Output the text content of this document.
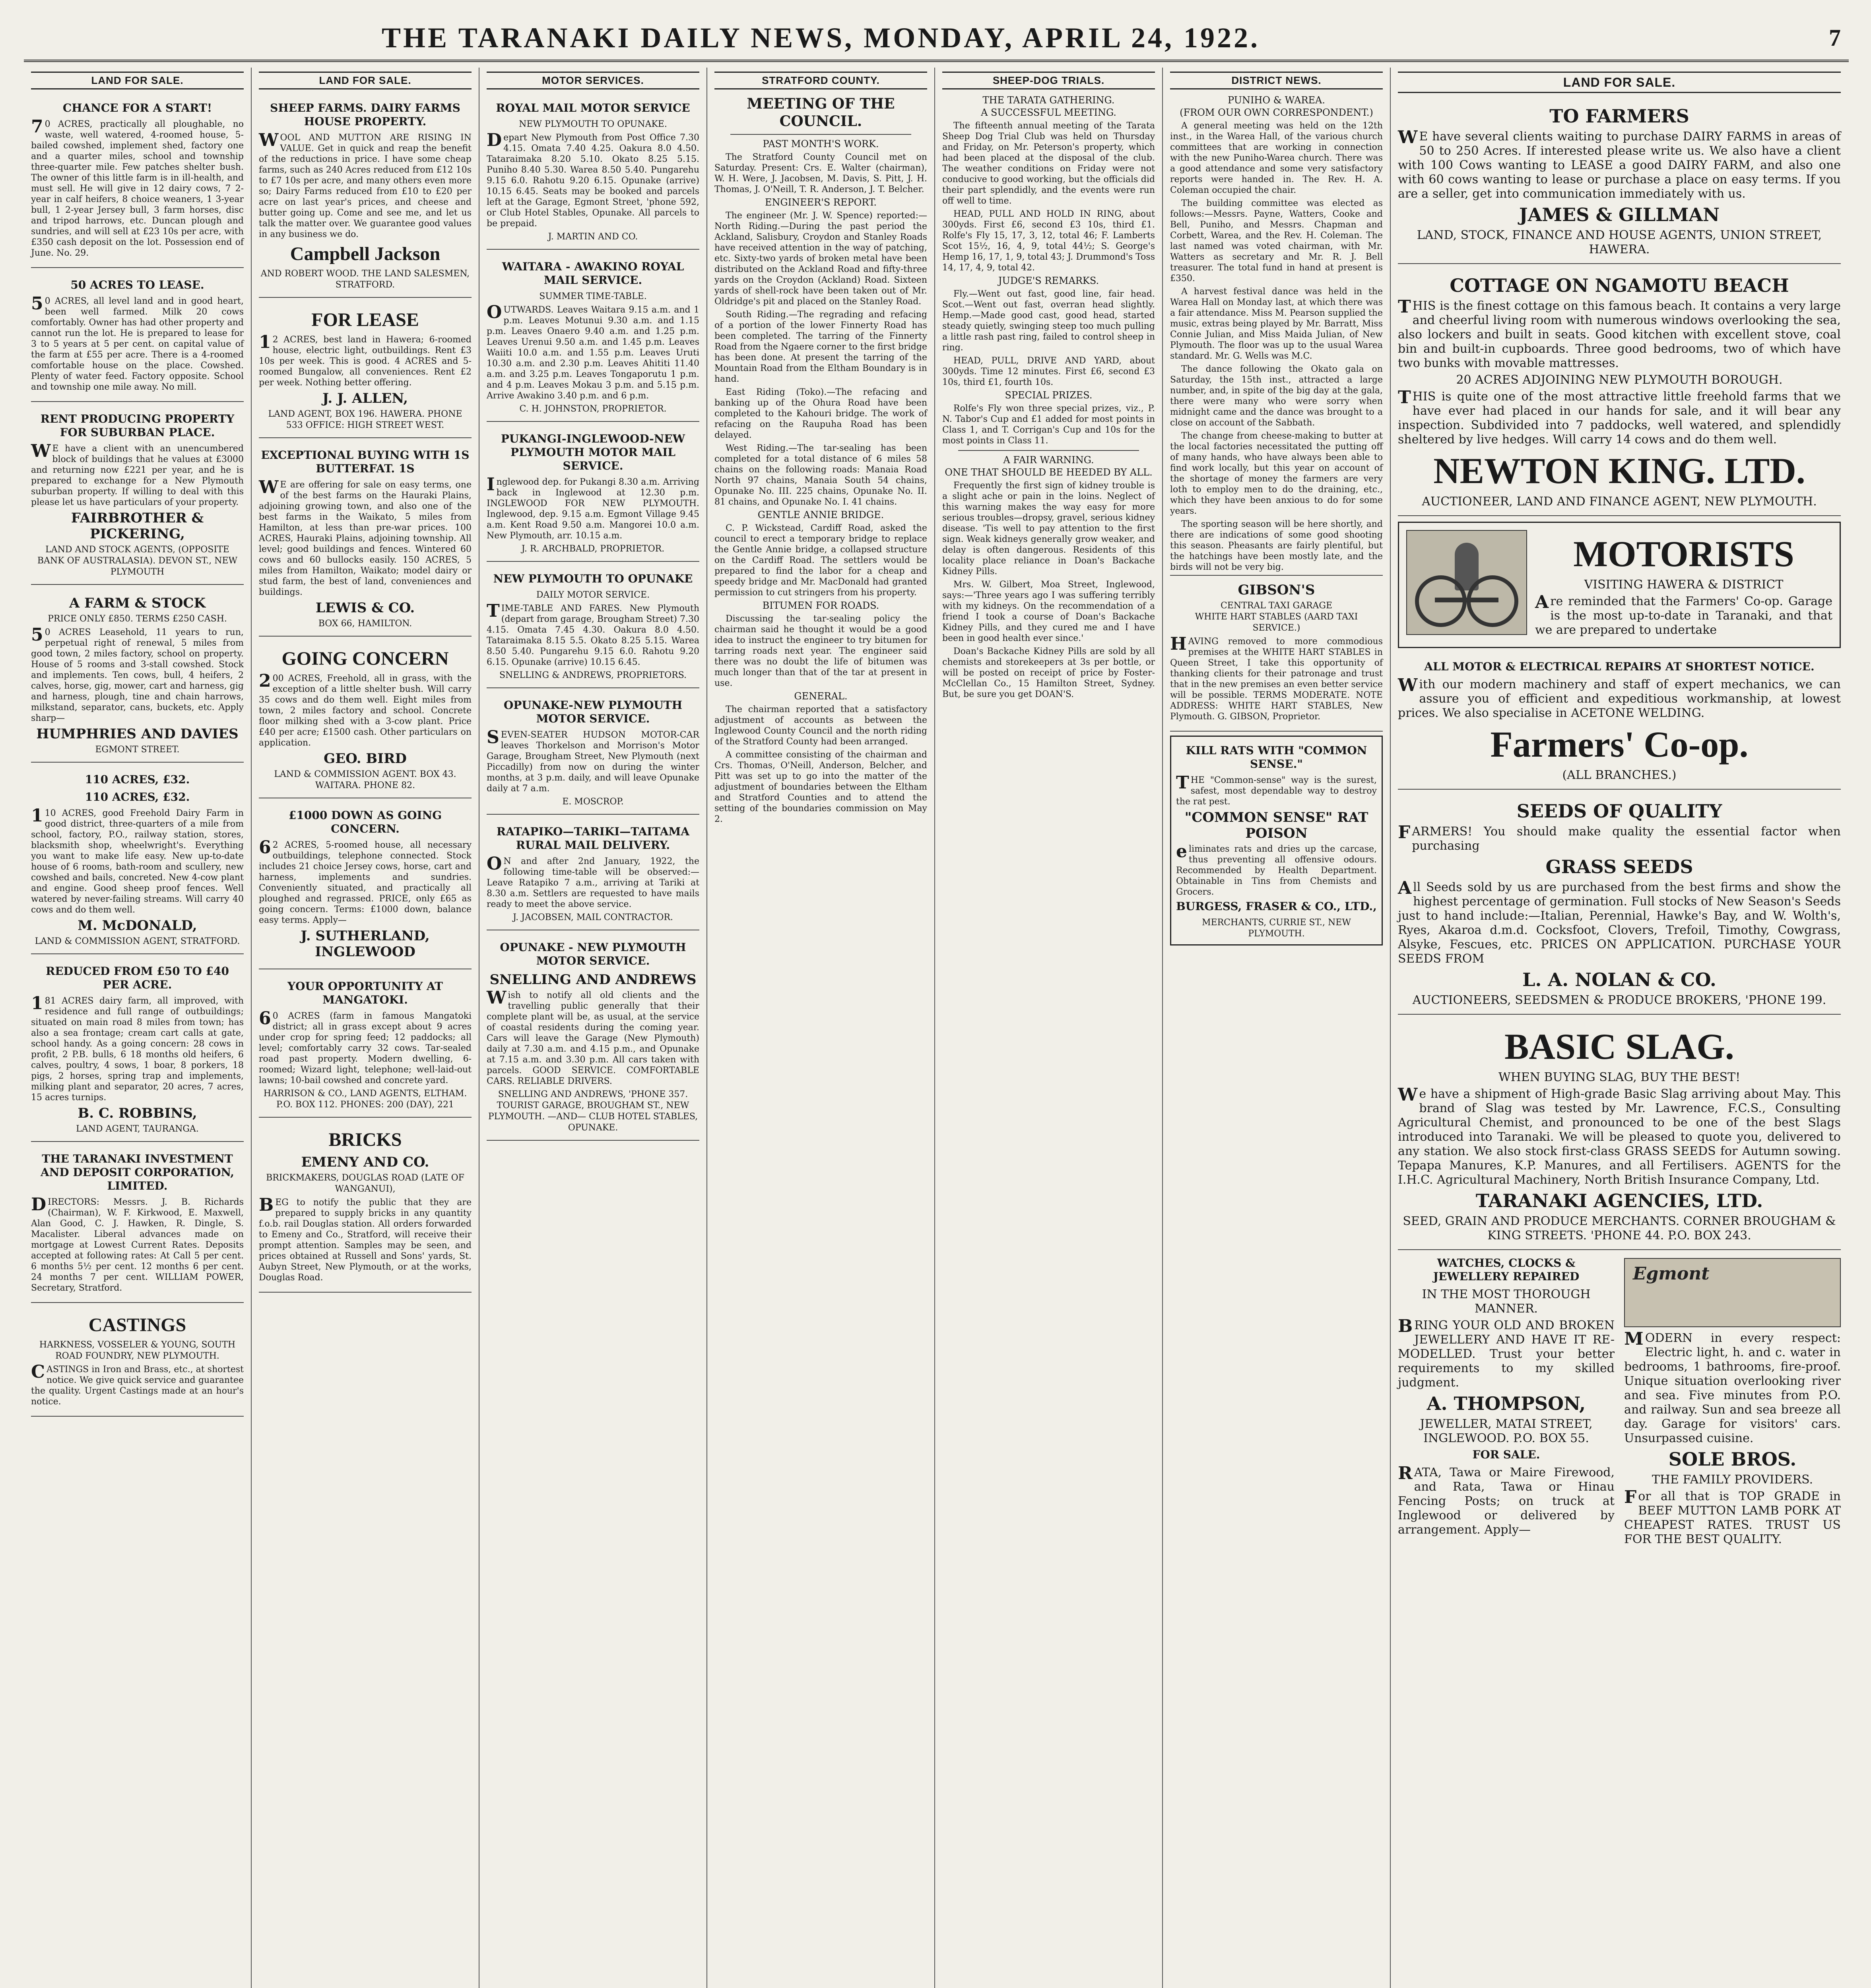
THE TARANAKI DAILY NEWS, MONDAY, APRIL 24, 1922.	7
LAND FOR SALE.
CHANCE FOR A START!
70 ACRES, practically all ploughable, no waste, well watered, 4-roomed house, 5-bailed cowshed, implement shed, factory one and a quarter miles, school and township three-quarter mile. Few patches shelter bush. The owner of this little farm is in ill-health, and must sell. He will give in 12 dairy cows, 7 2-year in calf heifers, 8 choice weaners, 1 3-year bull, 1 2-year Jersey bull, 3 farm horses, disc and tripod harrows, etc. Duncan plough and sundries, and will sell at £23 10s per acre, with £350 cash deposit on the lot. Possession end of June. No. 29.
50 ACRES TO LEASE.
50 ACRES, all level land and in good heart, been well farmed. Milk 20 cows comfortably. Owner has had other property and cannot run the lot. He is prepared to lease for 3 to 5 years at 5 per cent. on capital value of the farm at £55 per acre. There is a 4-roomed comfortable house on the place. Cowshed. Plenty of water feed. Factory opposite. School and township one mile away. No mill.
RENT PRODUCING PROPERTY FOR SUBURBAN PLACE.
WE have a client with an unencumbered block of buildings that he values at £3000 and returning now £221 per year, and he is prepared to exchange for a New Plymouth suburban property. If willing to deal with this please let us have particulars of your property.
FAIRBROTHER & PICKERING,
LAND AND STOCK AGENTS, (OPPOSITE BANK OF AUSTRALASIA). DEVON ST., NEW PLYMOUTH
A FARM & STOCK
PRICE ONLY £850. TERMS £250 CASH.
50 ACRES Leasehold, 11 years to run, perpetual right of renewal, 5 miles from good town, 2 miles factory, school on property. House of 5 rooms and 3-stall cowshed. Stock and implements. Ten cows, bull, 4 heifers, 2 calves, horse, gig, mower, cart and harness, gig and harness, plough, tine and chain harrows, milkstand, separator, cans, buckets, etc. Apply sharp—
HUMPHRIES AND DAVIES
EGMONT STREET.
110 ACRES, £32.
110 ACRES, £32.
110 ACRES, good Freehold Dairy Farm in good district, three-quarters of a mile from school, factory, P.O., railway station, stores, blacksmith shop, wheelwright's. Everything you want to make life easy. New up-to-date house of 6 rooms, bath-room and scullery, new cowshed and bails, concreted. New 4-cow plant and engine. Good sheep proof fences. Well watered by never-failing streams. Will carry 40 cows and do them well.
M. McDONALD,
LAND & COMMISSION AGENT, STRATFORD.
REDUCED FROM £50 TO £40 PER ACRE.
181 ACRES dairy farm, all improved, with residence and full range of outbuildings; situated on main road 8 miles from town; has also a sea frontage; cream cart calls at gate, school handy. As a going concern: 28 cows in profit, 2 P.B. bulls, 6 18 months old heifers, 6 calves, poultry, 4 sows, 1 boar, 8 porkers, 18 pigs, 2 horses, spring trap and implements, milking plant and separator, 20 acres, 7 acres, 15 acres turnips.
B. C. ROBBINS,
LAND AGENT, TAURANGA.
THE TARANAKI INVESTMENT AND DEPOSIT CORPORATION, LIMITED.
DIRECTORS: Messrs. J. B. Richards (Chairman), W. F. Kirkwood, E. Maxwell, Alan Good, C. J. Hawken, R. Dingle, S. Macalister. Liberal advances made on mortgage at Lowest Current Rates. Deposits accepted at following rates: At Call 5 per cent. 6 months 5½ per cent. 12 months 6 per cent. 24 months 7 per cent. WILLIAM POWER, Secretary, Stratford.
CASTINGS
HARKNESS, VOSSELER & YOUNG, SOUTH ROAD FOUNDRY, NEW PLYMOUTH.
CASTINGS in Iron and Brass, etc., at shortest notice. We give quick service and guarantee the quality. Urgent Castings made at an hour's notice.
LAND FOR SALE.
SHEEP FARMS. DAIRY FARMS HOUSE PROPERTY.
WOOL AND MUTTON ARE RISING IN VALUE. Get in quick and reap the benefit of the reductions in price. I have some cheap farms, such as 240 Acres reduced from £12 10s to £7 10s per acre, and many others even more so; Dairy Farms reduced from £10 to £20 per acre on last year's prices, and cheese and butter going up. Come and see me, and let us talk the matter over. We guarantee good values in any business we do.
Campbell Jackson
AND ROBERT WOOD. THE LAND SALESMEN, STRATFORD.
FOR LEASE
12 ACRES, best land in Hawera; 6-roomed house, electric light, outbuildings. Rent £3 10s per week. This is good. 4 ACRES and 5-roomed Bungalow, all conveniences. Rent £2 per week. Nothing better offering.
J. J. ALLEN,
LAND AGENT, BOX 196. HAWERA. PHONE 533 OFFICE: HIGH STREET WEST.
EXCEPTIONAL BUYING WITH 1S BUTTERFAT. 1S
WE are offering for sale on easy terms, one of the best farms on the Hauraki Plains, adjoining growing town, and also one of the best farms in the Waikato, 5 miles from Hamilton, at less than pre-war prices. 100 ACRES, Hauraki Plains, adjoining township. All level; good buildings and fences. Wintered 60 cows and 60 bullocks easily. 150 ACRES, 5 miles from Hamilton, Waikato; model dairy or stud farm, the best of land, conveniences and buildings.
LEWIS & CO.
BOX 66, HAMILTON.
GOING CONCERN
200 ACRES, Freehold, all in grass, with the exception of a little shelter bush. Will carry 35 cows and do them well. Eight miles from town, 2 miles factory and school. Concrete floor milking shed with a 3-cow plant. Price £40 per acre; £1500 cash. Other particulars on application.
GEO. BIRD
LAND & COMMISSION AGENT. BOX 43. WAITARA. PHONE 82.
£1000 DOWN AS GOING CONCERN.
62 ACRES, 5-roomed house, all necessary outbuildings, telephone connected. Stock includes 21 choice Jersey cows, horse, cart and harness, implements and sundries. Conveniently situated, and practically all ploughed and regrassed. PRICE, only £65 as going concern. Terms: £1000 down, balance easy terms. Apply—
J. SUTHERLAND, INGLEWOOD
YOUR OPPORTUNITY AT MANGATOKI.
60 ACRES (farm in famous Mangatoki district; all in grass except about 9 acres under crop for spring feed; 12 paddocks; all level; comfortably carry 32 cows. Tar-sealed road past property. Modern dwelling, 6-roomed; Wizard light, telephone; well-laid-out lawns; 10-bail cowshed and concrete yard.
HARRISON & CO., LAND AGENTS, ELTHAM. P.O. BOX 112. PHONES: 200 (DAY), 221
BRICKS
EMENY AND CO.
BRICKMAKERS, DOUGLAS ROAD (LATE OF WANGANUI),
BEG to notify the public that they are prepared to supply bricks in any quantity f.o.b. rail Douglas station. All orders forwarded to Emeny and Co., Stratford, will receive their prompt attention. Samples may be seen, and prices obtained at Russell and Sons' yards, St. Aubyn Street, New Plymouth, or at the works, Douglas Road.
MOTOR SERVICES.
ROYAL MAIL MOTOR SERVICE
NEW PLYMOUTH TO OPUNAKE.
Depart New Plymouth from Post Office 7.30 4.15. Omata 7.40 4.25. Oakura 8.0 4.50. Tataraimaka 8.20 5.10. Okato 8.25 5.15. Puniho 8.40 5.30. Warea 8.50 5.40. Pungarehu 9.15 6.0. Rahotu 9.20 6.15. Opunake (arrive) 10.15 6.45. Seats may be booked and parcels left at the Garage, Egmont Street, 'phone 592, or Club Hotel Stables, Opunake. All parcels to be prepaid.
J. MARTIN AND CO.
WAITARA - AWAKINO ROYAL MAIL SERVICE.
SUMMER TIME-TABLE.
OUTWARDS. Leaves Waitara 9.15 a.m. and 1 p.m. Leaves Motunui 9.30 a.m. and 1.15 p.m. Leaves Onaero 9.40 a.m. and 1.25 p.m. Leaves Urenui 9.50 a.m. and 1.45 p.m. Leaves Waiiti 10.0 a.m. and 1.55 p.m. Leaves Uruti 10.30 a.m. and 2.30 p.m. Leaves Ahititi 11.40 a.m. and 3.25 p.m. Leaves Tongaporutu 1 p.m. and 4 p.m. Leaves Mokau 3 p.m. and 5.15 p.m. Arrive Awakino 3.40 p.m. and 6 p.m.
C. H. JOHNSTON, PROPRIETOR.
PUKANGI-INGLEWOOD-NEW PLYMOUTH MOTOR MAIL SERVICE.
Inglewood dep. for Pukangi 8.30 a.m. Arriving back in Inglewood at 12.30 p.m. INGLEWOOD FOR NEW PLYMOUTH. Inglewood, dep. 9.15 a.m. Egmont Village 9.45 a.m. Kent Road 9.50 a.m. Mangorei 10.0 a.m. New Plymouth, arr. 10.15 a.m.
J. R. ARCHBALD, PROPRIETOR.
NEW PLYMOUTH TO OPUNAKE
DAILY MOTOR SERVICE.
TIME-TABLE AND FARES. New Plymouth (depart from garage, Brougham Street) 7.30 4.15. Omata 7.45 4.30. Oakura 8.0 4.50. Tataraimaka 8.15 5.5. Okato 8.25 5.15. Warea 8.50 5.40. Pungarehu 9.15 6.0. Rahotu 9.20 6.15. Opunake (arrive) 10.15 6.45.
SNELLING & ANDREWS, PROPRIETORS.
OPUNAKE-NEW PLYMOUTH MOTOR SERVICE.
SEVEN-SEATER HUDSON MOTOR-CAR leaves Thorkelson and Morrison's Motor Garage, Brougham Street, New Plymouth (next Piccadilly) from now on during the winter months, at 3 p.m. daily, and will leave Opunake daily at 7 a.m.
E. MOSCROP.
RATAPIKO—TARIKI—TAITAMA RURAL MAIL DELIVERY.
ON and after 2nd January, 1922, the following time-table will be observed:— Leave Ratapiko 7 a.m., arriving at Tariki at 8.30 a.m. Settlers are requested to have mails ready to meet the above service.
J. JACOBSEN, MAIL CONTRACTOR.
OPUNAKE - NEW PLYMOUTH MOTOR SERVICE.
SNELLING AND ANDREWS
Wish to notify all old clients and the travelling public generally that their complete plant will be, as usual, at the service of coastal residents during the coming year. Cars will leave the Garage (New Plymouth) daily at 7.30 a.m. and 4.15 p.m., and Opunake at 7.15 a.m. and 3.30 p.m. All cars taken with parcels. GOOD SERVICE. COMFORTABLE CARS. RELIABLE DRIVERS.
SNELLING AND ANDREWS, 'PHONE 357. TOURIST GARAGE, BROUGHAM ST., NEW PLYMOUTH. —AND— CLUB HOTEL STABLES, OPUNAKE.
STRATFORD COUNTY.
MEETING OF THE COUNCIL.
PAST MONTH'S WORK.
The Stratford County Council met on Saturday. Present: Crs. E. Walter (chairman), W. H. Were, J. Jacobsen, M. Davis, S. Pitt, J. H. Thomas, J. O'Neill, T. R. Anderson, J. T. Belcher.
ENGINEER'S REPORT.
The engineer (Mr. J. W. Spence) reported:— North Riding.—During the past period the Ackland, Salisbury, Croydon and Stanley Roads have received attention in the way of patching, etc. Sixty-two yards of broken metal have been distributed on the Ackland Road and fifty-three yards on the Croydon (Ackland) Road. Sixteen yards of shell-rock have been taken out of Mr. Oldridge's pit and placed on the Stanley Road.
South Riding.—The regrading and refacing of a portion of the lower Finnerty Road has been completed. The tarring of the Finnerty Road from the Ngaere corner to the first bridge has been done. At present the tarring of the Mountain Road from the Eltham Boundary is in hand.
East Riding (Toko).—The refacing and banking up of the Ohura Road have been completed to the Kahouri bridge. The work of refacing on the Raupuha Road has been delayed.
West Riding.—The tar-sealing has been completed for a total distance of 6 miles 58 chains on the following roads: Manaia Road North 97 chains, Manaia South 54 chains, Opunake No. III. 225 chains, Opunake No. II. 81 chains, and Opunake No. I. 41 chains.
GENTLE ANNIE BRIDGE.
C. P. Wickstead, Cardiff Road, asked the council to erect a temporary bridge to replace the Gentle Annie bridge, a collapsed structure on the Cardiff Road. The settlers would be prepared to find the labor for a cheap and speedy bridge and Mr. MacDonald had granted permission to cut stringers from his property.
BITUMEN FOR ROADS.
Discussing the tar-sealing policy the chairman said he thought it would be a good idea to instruct the engineer to try bitumen for tarring roads next year. The engineer said there was no doubt the life of bitumen was much longer than that of the tar at present in use.
GENERAL.
The chairman reported that a satisfactory adjustment of accounts as between the Inglewood County Council and the north riding of the Stratford County had been arranged.
A committee consisting of the chairman and Crs. Thomas, O'Neill, Anderson, Belcher, and Pitt was set up to go into the matter of the adjustment of boundaries between the Eltham and Stratford Counties and to attend the setting of the boundaries commission on May 2.
SHEEP-DOG TRIALS.
THE TARATA GATHERING.
A SUCCESSFUL MEETING.
The fifteenth annual meeting of the Tarata Sheep Dog Trial Club was held on Thursday and Friday, on Mr. Peterson's property, which had been placed at the disposal of the club. The weather conditions on Friday were not conducive to good working, but the officials did their part splendidly, and the events were run off well to time.
HEAD, PULL AND HOLD IN RING, about 300yds. First £6, second £3 10s, third £1. Rolfe's Fly 15, 17, 3, 12, total 46; F. Lamberts Scot 15½, 16, 4, 9, total 44½; S. George's Hemp 16, 17, 1, 9, total 43; J. Drummond's Toss 14, 17, 4, 9, total 42.
JUDGE'S REMARKS.
Fly.—Went out fast, good line, fair head. Scot.—Went out fast, overran head slightly. Hemp.—Made good cast, good head, started steady quietly, swinging steep too much pulling a little rash past ring, failed to control sheep in ring.
HEAD, PULL, DRIVE AND YARD, about 300yds. Time 12 minutes. First £6, second £3 10s, third £1, fourth 10s.
SPECIAL PRIZES.
Rolfe's Fly won three special prizes, viz., P. N. Tabor's Cup and £1 added for most points in Class 1, and T. Corrigan's Cup and 10s for the most points in Class 11.
A FAIR WARNING.
ONE THAT SHOULD BE HEEDED BY ALL.
Frequently the first sign of kidney trouble is a slight ache or pain in the loins. Neglect of this warning makes the way easy for more serious troubles—dropsy, gravel, serious kidney disease. 'Tis well to pay attention to the first sign. Weak kidneys generally grow weaker, and delay is often dangerous. Residents of this locality place reliance in Doan's Backache Kidney Pills.
Mrs. W. Gilbert, Moa Street, Inglewood, says:—'Three years ago I was suffering terribly with my kidneys. On the recommendation of a friend I took a course of Doan's Backache Kidney Pills, and they cured me and I have been in good health ever since.'
Doan's Backache Kidney Pills are sold by all chemists and storekeepers at 3s per bottle, or will be posted on receipt of price by Foster-McClellan Co., 15 Hamilton Street, Sydney. But, be sure you get DOAN'S.
DISTRICT NEWS.
PUNIHO & WAREA.
(FROM OUR OWN CORRESPONDENT.)
A general meeting was held on the 12th inst., in the Warea Hall, of the various church committees that are working in connection with the new Puniho-Warea church. There was a good attendance and some very satisfactory reports were handed in. The Rev. H. A. Coleman occupied the chair.
The building committee was elected as follows:—Messrs. Payne, Watters, Cooke and Bell, Puniho, and Messrs. Chapman and Corbett, Warea, and the Rev. H. Coleman. The last named was voted chairman, with Mr. Watters as secretary and Mr. R. J. Bell treasurer. The total fund in hand at present is £350.
A harvest festival dance was held in the Warea Hall on Monday last, at which there was a fair attendance. Miss M. Pearson supplied the music, extras being played by Mr. Barratt, Miss Connie Julian, and Miss Maida Julian, of New Plymouth. The floor was up to the usual Warea standard. Mr. G. Wells was M.C.
The dance following the Okato gala on Saturday, the 15th inst., attracted a large number, and, in spite of the big day at the gala, there were many who were sorry when midnight came and the dance was brought to a close on account of the Sabbath.
The change from cheese-making to butter at the local factories necessitated the putting off of many hands, who have always been able to find work locally, but this year on account of the shortage of money the farmers are very loth to employ men to do the draining, etc., which they have been anxious to do for some years.
The sporting season will be here shortly, and there are indications of some good shooting this season. Pheasants are fairly plentiful, but the hatchings have been mostly late, and the birds will not be very big.
GIBSON'S
CENTRAL TAXI GARAGE
WHITE HART STABLES (AARD TAXI SERVICE.)
HAVING removed to more commodious premises at the WHITE HART STABLES in Queen Street, I take this opportunity of thanking clients for their patronage and trust that in the new premises an even better service will be possible. TERMS MODERATE. NOTE ADDRESS: WHITE HART STABLES, New Plymouth. G. GIBSON, Proprietor.
KILL RATS WITH "COMMON SENSE."
THE "Common-sense" way is the surest, safest, most dependable way to destroy the rat pest.
"COMMON SENSE" RAT POISON
eliminates rats and dries up the carcase, thus preventing all offensive odours. Recommended by Health Department. Obtainable in Tins from Chemists and Grocers.
BURGESS, FRASER & CO., LTD.,
MERCHANTS, CURRIE ST., NEW PLYMOUTH.
LAND FOR SALE.
TO FARMERS
WE have several clients waiting to purchase DAIRY FARMS in areas of 50 to 250 Acres. If interested please write us. We also have a client with 100 Cows wanting to LEASE a good DAIRY FARM, and also one with 60 cows wanting to lease or purchase a place on easy terms. If you are a seller, get into communication immediately with us.
JAMES & GILLMAN
LAND, STOCK, FINANCE AND HOUSE AGENTS, UNION STREET, HAWERA.
COTTAGE ON NGAMOTU BEACH
THIS is the finest cottage on this famous beach. It contains a very large and cheerful living room with numerous windows overlooking the sea, also lockers and built in seats. Good kitchen with excellent stove, coal bin and built-in cupboards. Three good bedrooms, two of which have two bunks with movable mattresses.
20 ACRES ADJOINING NEW PLYMOUTH BOROUGH.
THIS is quite one of the most attractive little freehold farms that we have ever had placed in our hands for sale, and it will bear any inspection. Subdivided into 7 paddocks, well watered, and splendidly sheltered by live hedges. Will carry 14 cows and do them well.
NEWTON KING. LTD.
AUCTIONEER, LAND AND FINANCE AGENT, NEW PLYMOUTH.
MOTORISTS
VISITING HAWERA & DISTRICT
Are reminded that the Farmers' Co-op. Garage is the most up-to-date in Taranaki, and that we are prepared to undertake
ALL MOTOR & ELECTRICAL REPAIRS AT SHORTEST NOTICE.
With our modern machinery and staff of expert mechanics, we can assure you of efficient and expeditious workmanship, at lowest prices. We also specialise in ACETONE WELDING.
Farmers' Co-op.
(ALL BRANCHES.)
SEEDS OF QUALITY
FARMERS! You should make quality the essential factor when purchasing
GRASS SEEDS
All Seeds sold by us are purchased from the best firms and show the highest percentage of germination. Full stocks of New Season's Seeds just to hand include:—Italian, Perennial, Hawke's Bay, and W. Wolth's, Ryes, Akaroa d.m.d. Cocksfoot, Clovers, Trefoil, Timothy, Cowgrass, Alsyke, Fescues, etc. PRICES ON APPLICATION. PURCHASE YOUR SEEDS FROM
L. A. NOLAN & CO.
AUCTIONEERS, SEEDSMEN & PRODUCE BROKERS, 'PHONE 199.
BASIC SLAG.
WHEN BUYING SLAG, BUY THE BEST!
We have a shipment of High-grade Basic Slag arriving about May. This brand of Slag was tested by Mr. Lawrence, F.C.S., Consulting Agricultural Chemist, and pronounced to be one of the best Slags introduced into Taranaki. We will be pleased to quote you, delivered to any station. We also stock first-class GRASS SEEDS for Autumn sowing. Tepapa Manures, K.P. Manures, and all Fertilisers. AGENTS for the I.H.C. Agricultural Machinery, North British Insurance Company, Ltd.
TARANAKI AGENCIES, LTD.
SEED, GRAIN AND PRODUCE MERCHANTS. CORNER BROUGHAM & KING STREETS. 'PHONE 44. P.O. BOX 243.
WATCHES, CLOCKS & JEWELLERY REPAIRED
IN THE MOST THOROUGH MANNER.
BRING YOUR OLD AND BROKEN JEWELLERY AND HAVE IT RE-MODELLED. Trust your better requirements to my skilled judgment.
A. THOMPSON,
JEWELLER, MATAI STREET, INGLEWOOD. P.O. BOX 55.
FOR SALE.
RATA, Tawa or Maire Firewood, and Rata, Tawa or Hinau Fencing Posts; on truck at Inglewood or delivered by arrangement. Apply—
Egmont
MODERN in every respect: Electric light, h. and c. water in bedrooms, 1 bathrooms, fire-proof. Unique situation overlooking river and sea. Five minutes from P.O. and railway. Sun and sea breeze all day. Garage for visitors' cars. Unsurpassed cuisine.
SOLE BROS.
THE FAMILY PROVIDERS.
For all that is TOP GRADE in BEEF MUTTON LAMB PORK AT CHEAPEST RATES. TRUST US FOR THE BEST QUALITY.
